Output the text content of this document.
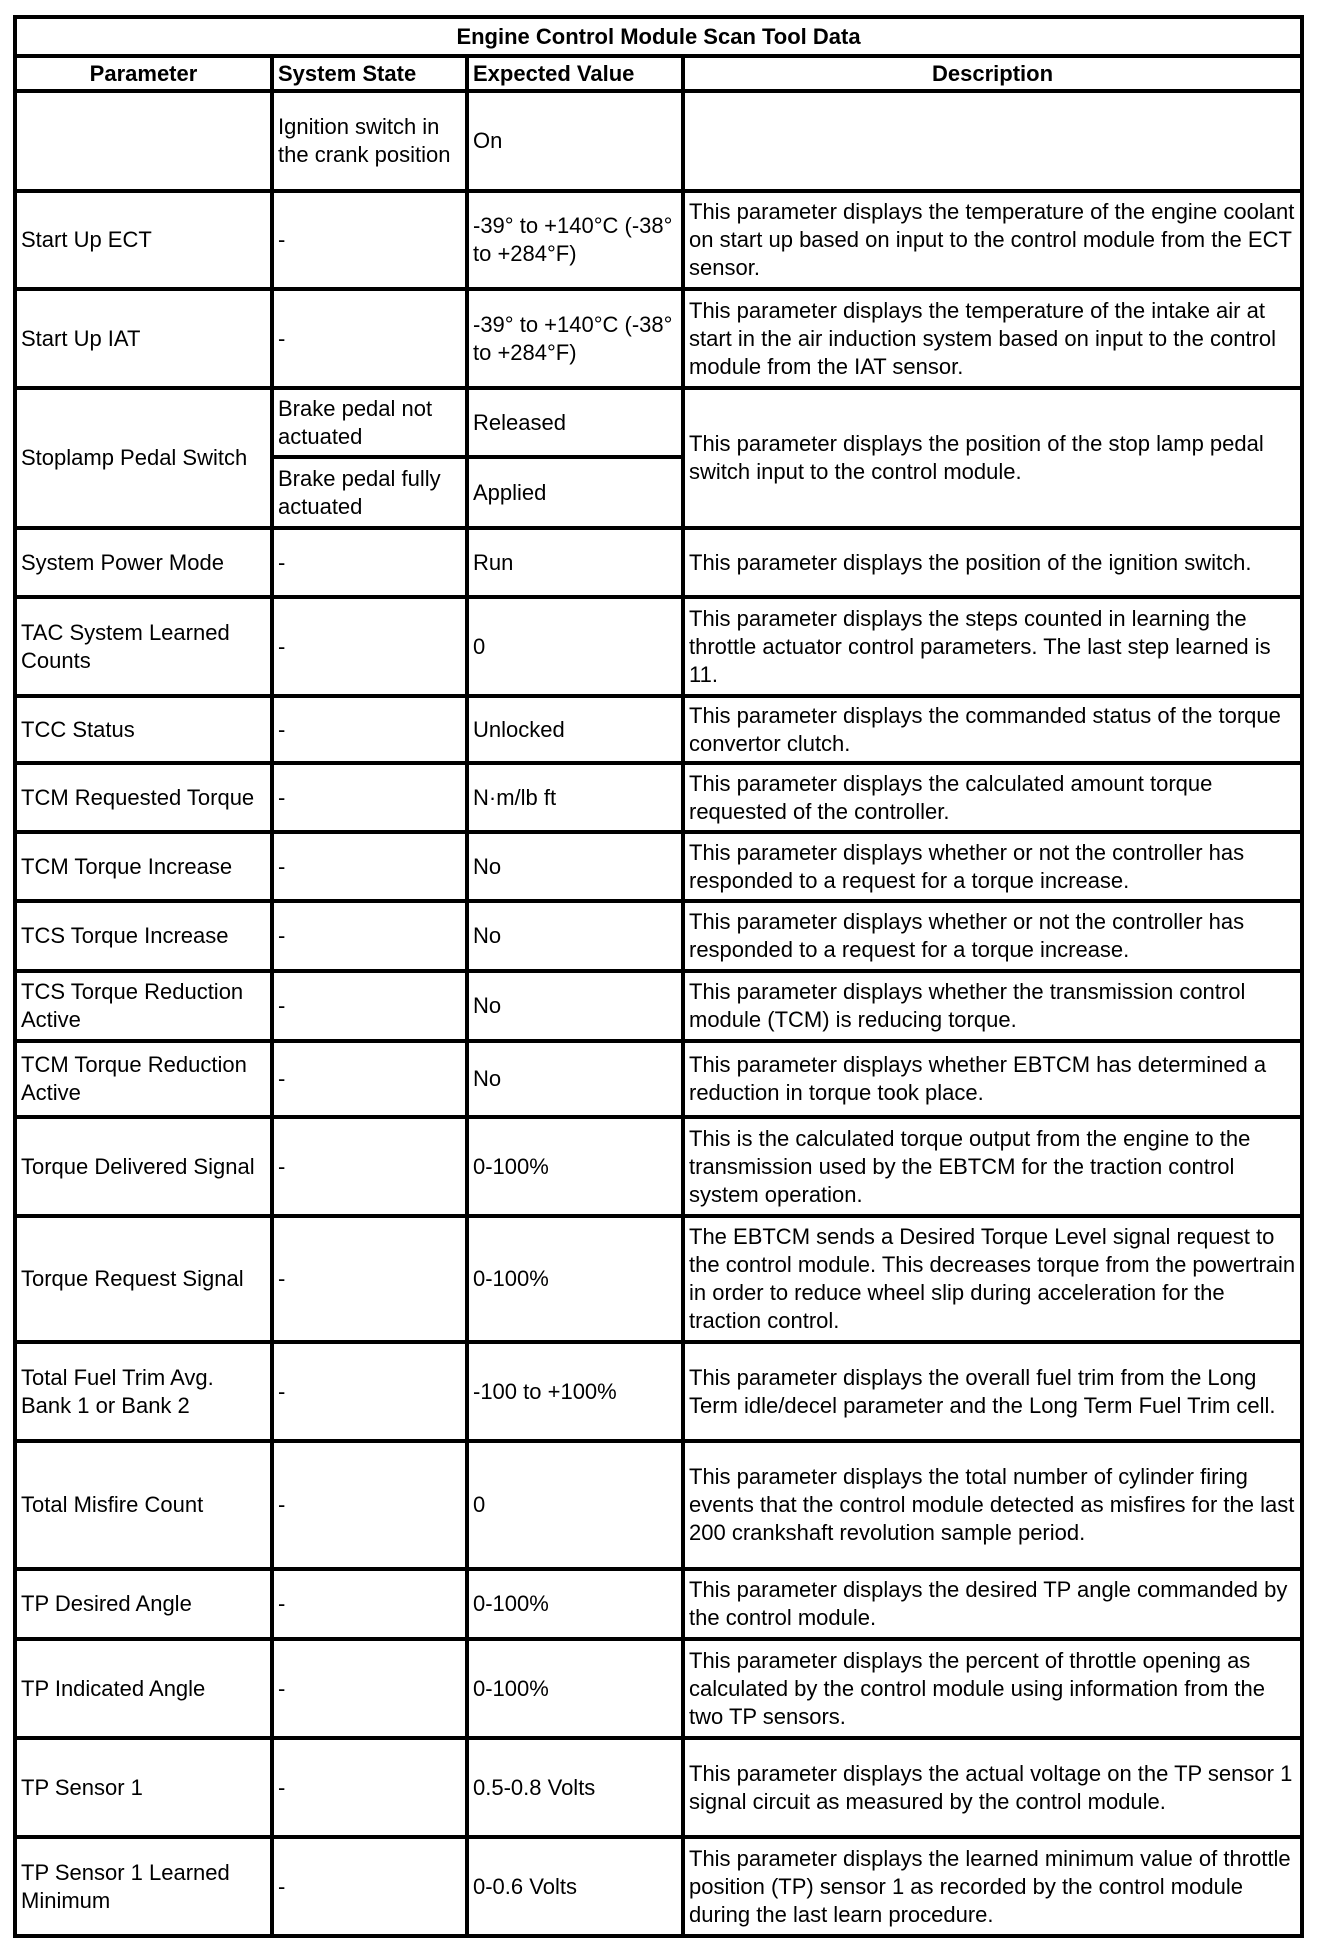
Engine Control Module Scan Tool Data			
Parameter	System State	Expected Value	Description
	Ignition switch in the crank position	On	
Start Up ECT	-	-39° to +140°C (-38° to +284°F)	This parameter displays the temperature of the engine coolant on start up based on input to the control module from the ECT sensor.
Start Up IAT	-	-39° to +140°C (-38° to +284°F)	This parameter displays the temperature of the intake air at start in the air induction system based on input to the control module from the IAT sensor.
Stoplamp Pedal Switch	Brake pedal not actuated	Released	This parameter displays the position of the stop lamp pedal switch input to the control module.
	Brake pedal fully actuated	Applied	
System Power Mode	-	Run	This parameter displays the position of the ignition switch.
TAC System Learned Counts	-	0	This parameter displays the steps counted in learning the throttle actuator control parameters. The last step learned is 11.
TCC Status	-	Unlocked	This parameter displays the commanded status of the torque convertor clutch.
TCM Requested Torque	-	N·m/lb ft	This parameter displays the calculated amount torque requested of the controller.
TCM Torque Increase	-	No	This parameter displays whether or not the controller has responded to a request for a torque increase.
TCS Torque Increase	-	No	This parameter displays whether or not the controller has responded to a request for a torque increase.
TCS Torque Reduction Active	-	No	This parameter displays whether the transmission control module (TCM) is reducing torque.
TCM Torque Reduction Active	-	No	This parameter displays whether EBTCM has determined a reduction in torque took place.
Torque Delivered Signal	-	0-100%	This is the calculated torque output from the engine to the transmission used by the EBTCM for the traction control system operation.
Torque Request Signal	-	0-100%	The EBTCM sends a Desired Torque Level signal request to the control module. This decreases torque from the powertrain in order to reduce wheel slip during acceleration for the traction control.
Total Fuel Trim Avg. Bank 1 or Bank 2	-	-100 to +100%	This parameter displays the overall fuel trim from the Long Term idle/decel parameter and the Long Term Fuel Trim cell.
Total Misfire Count	-	0	This parameter displays the total number of cylinder firing events that the control module detected as misfires for the last 200 crankshaft revolution sample period.
TP Desired Angle	-	0-100%	This parameter displays the desired TP angle commanded by the control module.
TP Indicated Angle	-	0-100%	This parameter displays the percent of throttle opening as calculated by the control module using information from the two TP sensors.
TP Sensor 1	-	0.5-0.8 Volts	This parameter displays the actual voltage on the TP sensor 1 signal circuit as measured by the control module.
TP Sensor 1 Learned Minimum	-	0-0.6 Volts	This parameter displays the learned minimum value of throttle position (TP) sensor 1 as recorded by the control module during the last learn procedure.
